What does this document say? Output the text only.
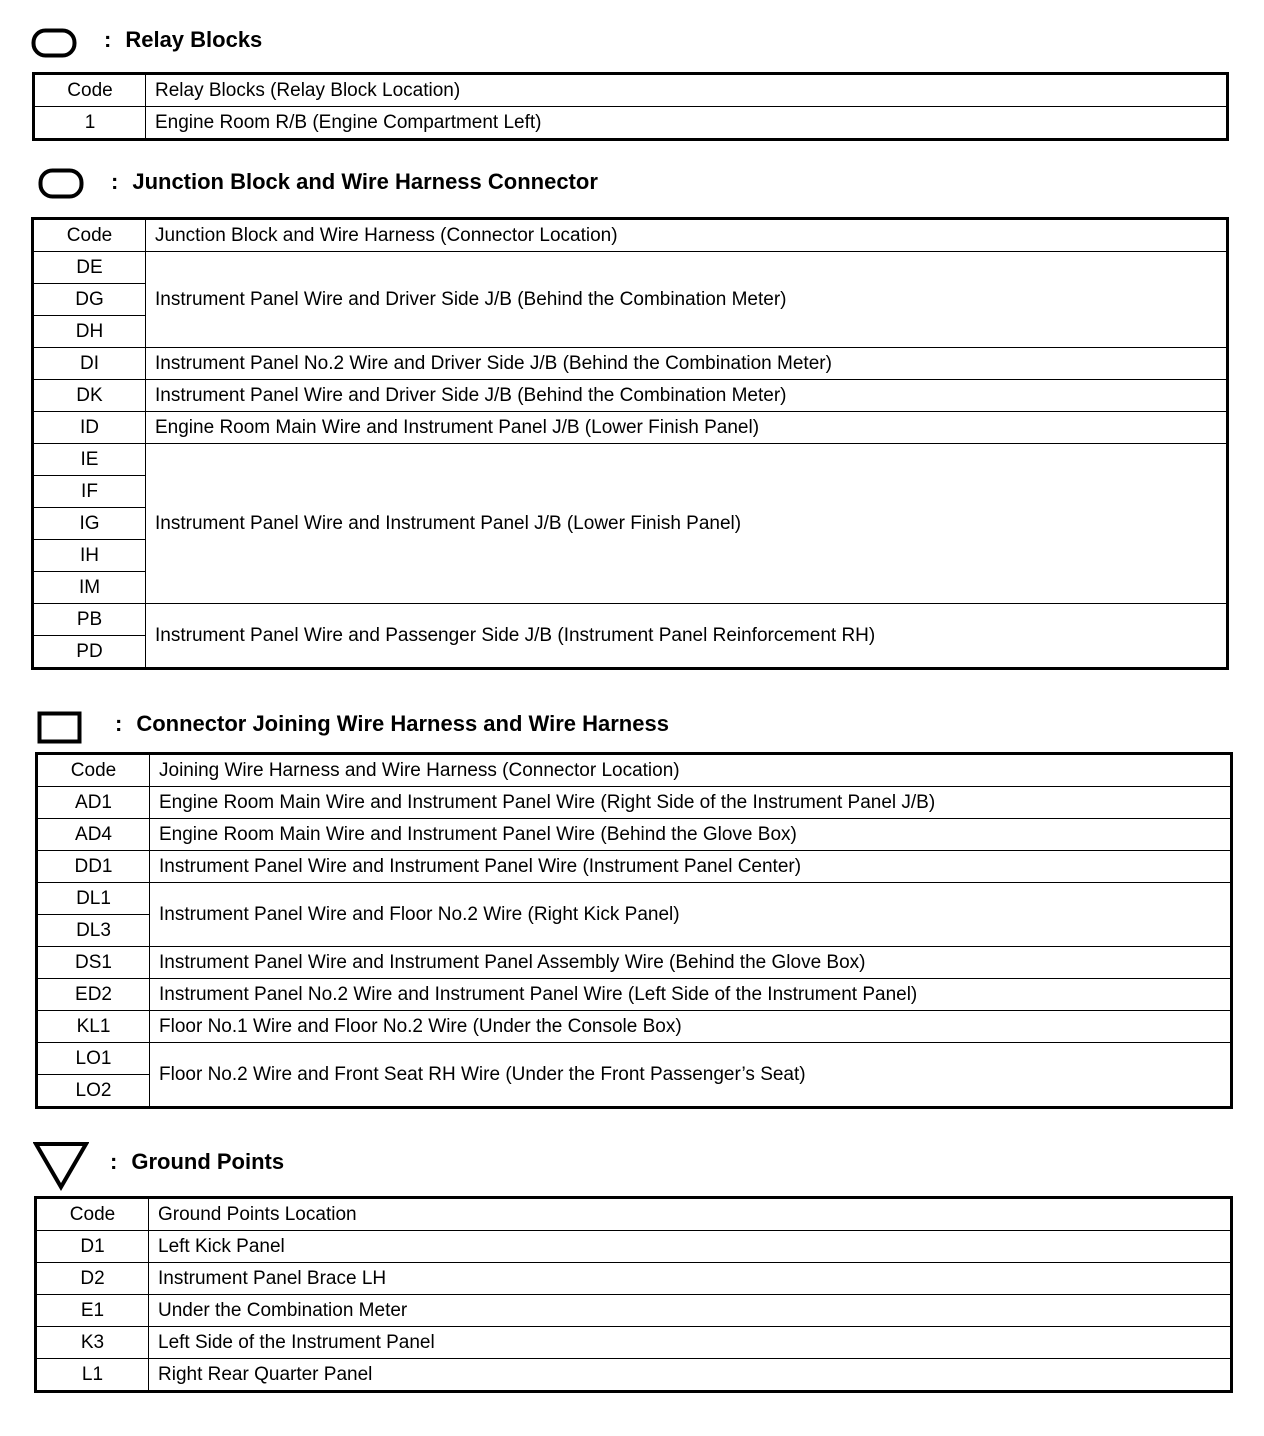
: Relay Blocks
Code	Relay Blocks (Relay Block Location)
1	Engine Room R/B (Engine Compartment Left)
: Junction Block and Wire Harness Connector
Code	Junction Block and Wire Harness (Connector Location)
DE	Instrument Panel Wire and Driver Side J/B (Behind the Combination Meter)
DG	
DH	
DI	Instrument Panel No.2 Wire and Driver Side J/B (Behind the Combination Meter)
DK	Instrument Panel Wire and Driver Side J/B (Behind the Combination Meter)
ID	Engine Room Main Wire and Instrument Panel J/B (Lower Finish Panel)
IE	Instrument Panel Wire and Instrument Panel J/B (Lower Finish Panel)
IF	
IG	
IH	
IM	
PB	Instrument Panel Wire and Passenger Side J/B (Instrument Panel Reinforcement RH)
PD	
: Connector Joining Wire Harness and Wire Harness
Code	Joining Wire Harness and Wire Harness (Connector Location)
AD1	Engine Room Main Wire and Instrument Panel Wire (Right Side of the Instrument Panel J/B)
AD4	Engine Room Main Wire and Instrument Panel Wire (Behind the Glove Box)
DD1	Instrument Panel Wire and Instrument Panel Wire (Instrument Panel Center)
DL1	Instrument Panel Wire and Floor No.2 Wire (Right Kick Panel)
DL3	
DS1	Instrument Panel Wire and Instrument Panel Assembly Wire (Behind the Glove Box)
ED2	Instrument Panel No.2 Wire and Instrument Panel Wire (Left Side of the Instrument Panel)
KL1	Floor No.1 Wire and Floor No.2 Wire (Under the Console Box)
LO1	Floor No.2 Wire and Front Seat RH Wire (Under the Front Passenger’s Seat)
LO2	
: Ground Points
Code	Ground Points Location
D1	Left Kick Panel
D2	Instrument Panel Brace LH
E1	Under the Combination Meter
K3	Left Side of the Instrument Panel
L1	Right Rear Quarter Panel
